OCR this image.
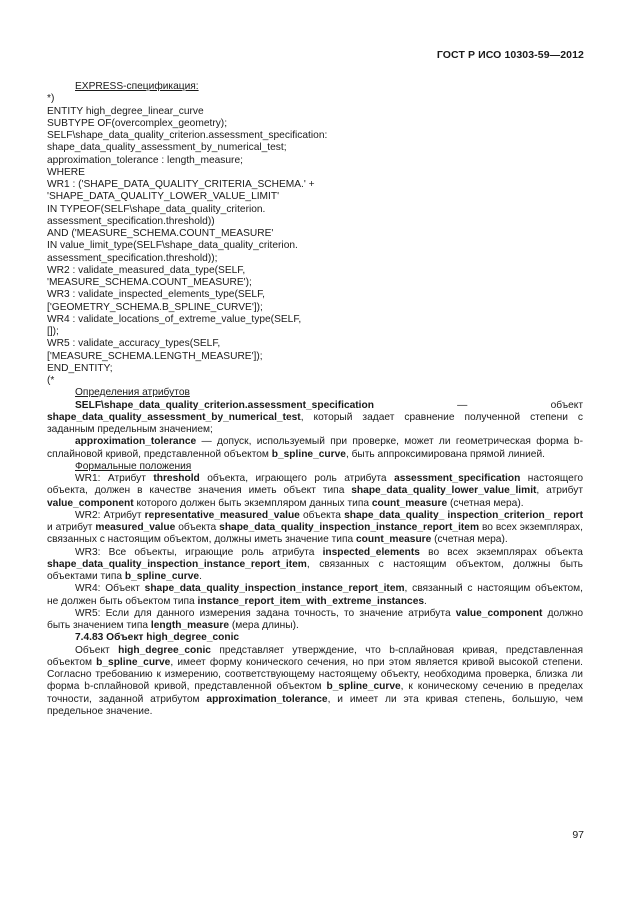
ГОСТ Р ИСО 10303-59—2012
EXPRESS-спецификация:
*)
ENTITY high_degree_linear_curve
SUBTYPE OF(overcomplex_geometry);
SELF\shape_data_quality_criterion.assessment_specification:
shape_data_quality_assessment_by_numerical_test;
approximation_tolerance : length_measure;
WHERE
WR1 : ('SHAPE_DATA_QUALITY_CRITERIA_SCHEMA.' +
'SHAPE_DATA_QUALITY_LOWER_VALUE_LIMIT'
IN TYPEOF(SELF\shape_data_quality_criterion.
assessment_specification.threshold))
AND ('MEASURE_SCHEMA.COUNT_MEASURE'
IN value_limit_type(SELF\shape_data_quality_criterion.
assessment_specification.threshold));
WR2 : validate_measured_data_type(SELF,
'MEASURE_SCHEMA.COUNT_MEASURE');
WR3 : validate_inspected_elements_type(SELF,
['GEOMETRY_SCHEMA.B_SPLINE_CURVE']);
WR4 : validate_locations_of_extreme_value_type(SELF,
[]);
WR5 : validate_accuracy_types(SELF,
['MEASURE_SCHEMA.LENGTH_MEASURE']);
END_ENTITY;
(*
Определения атрибутов

SELF\shape_data_quality_criterion.assessment_specification — объект shape_data_quality_assessment_by_numerical_test, который задает сравнение полученной степени с заданным предельным значением;

approximation_tolerance — допуск, используемый при проверке, может ли геометрическая форма b-сплайновой кривой, представленной объектом b_spline_curve, быть аппроксимирована прямой линией.

Формальные положения

WR1: Атрибут threshold объекта, играющего роль атрибута assessment_specification настоящего объекта, должен в качестве значения иметь объект типа shape_data_quality_lower_value_limit, атрибут value_component которого должен быть экземпляром данных типа count_measure (счетная мера).

WR2: Атрибут representative_measured_value объекта shape_data_quality_ inspection_criterion_ report и атрибут measured_value объекта shape_data_quality_inspection_instance_report_item во всех экземплярах, связанных с настоящим объектом, должны иметь значение типа count_measure (счетная мера).

WR3: Все объекты, играющие роль атрибута inspected_elements во всех экземплярах объекта shape_data_quality_inspection_instance_report_item, связанных с настоящим объектом, должны быть объектами типа b_spline_curve.

WR4: Объект shape_data_quality_inspection_instance_report_item, связанный с настоящим объектом, не должен быть объектом типа instance_report_item_with_extreme_instances.

WR5: Если для данного измерения задана точность, то значение атрибута value_component должно быть значением типа length_measure (мера длины).

7.4.83 Объект high_degree_conic

Объект high_degree_conic представляет утверждение, что b-сплайновая кривая, представленная объектом b_spline_curve, имеет форму конического сечения, но при этом является кривой высокой степени. Согласно требованию к измерению, соответствующему настоящему объекту, необходима проверка, близка ли форма b-сплайновой кривой, представленной объектом b_spline_curve, к коническому сечению в пределах точности, заданной атрибутом approximation_tolerance, и имеет ли эта кривая степень, большую, чем предельное значение.

97
